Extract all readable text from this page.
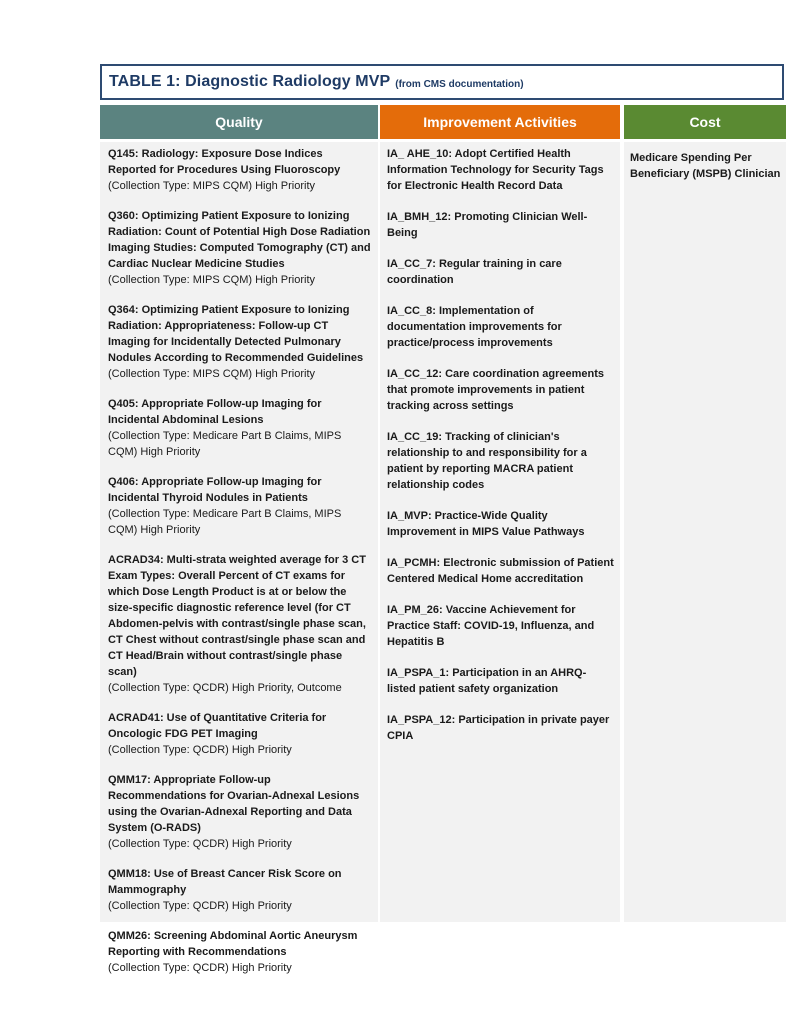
TABLE 1: Diagnostic Radiology MVP (from CMS documentation)
Quality	Improvement Activities	Cost
Q145: Radiology: Exposure Dose Indices Reported for Procedures Using Fluoroscopy
(Collection Type: MIPS CQM) High Priority
Q360: Optimizing Patient Exposure to Ionizing Radiation: Count of Potential High Dose Radiation Imaging Studies: Computed Tomography (CT) and Cardiac Nuclear Medicine Studies
(Collection Type: MIPS CQM) High Priority
Q364: Optimizing Patient Exposure to Ionizing Radiation: Appropriateness: Follow-up CT Imaging for Incidentally Detected Pulmonary Nodules According to Recommended Guidelines
(Collection Type: MIPS CQM) High Priority
Q405: Appropriate Follow-up Imaging for Incidental Abdominal Lesions
(Collection Type: Medicare Part B Claims, MIPS CQM) High Priority
Q406: Appropriate Follow-up Imaging for Incidental Thyroid Nodules in Patients
(Collection Type: Medicare Part B Claims, MIPS CQM) High Priority
ACRAD34: Multi-strata weighted average for 3 CT Exam Types: Overall Percent of CT exams for which Dose Length Product is at or below the size-specific diagnostic reference level (for CT Abdomen-pelvis with contrast/single phase scan, CT Chest without contrast/single phase scan and CT Head/Brain without contrast/single phase scan)
(Collection Type: QCDR) High Priority, Outcome
ACRAD41: Use of Quantitative Criteria for Oncologic FDG PET Imaging
(Collection Type: QCDR) High Priority
QMM17: Appropriate Follow-up Recommendations for Ovarian-Adnexal Lesions using the Ovarian-Adnexal Reporting and Data System (O-RADS)
(Collection Type: QCDR) High Priority
QMM18: Use of Breast Cancer Risk Score on Mammography
(Collection Type: QCDR) High Priority
QMM26: Screening Abdominal Aortic Aneurysm Reporting with Recommendations
(Collection Type: QCDR) High Priority
IA_ AHE_10: Adopt Certified Health Information Technology for Security Tags for Electronic Health Record Data
IA_BMH_12: Promoting Clinician Well-Being
IA_CC_7: Regular training in care coordination
IA_CC_8: Implementation of documentation improvements for practice/process improvements
IA_CC_12: Care coordination agreements that promote improvements in patient tracking across settings
IA_CC_19: Tracking of clinician's relationship to and responsibility for a patient by reporting MACRA patient relationship codes
IA_MVP: Practice-Wide Quality Improvement in MIPS Value Pathways
IA_PCMH: Electronic submission of Patient Centered Medical Home accreditation
IA_PM_26: Vaccine Achievement for Practice Staff: COVID-19, Influenza, and Hepatitis B
IA_PSPA_1: Participation in an AHRQ-listed patient safety organization
IA_PSPA_12: Participation in private payer CPIA
Medicare Spending Per Beneficiary (MSPB) Clinician
